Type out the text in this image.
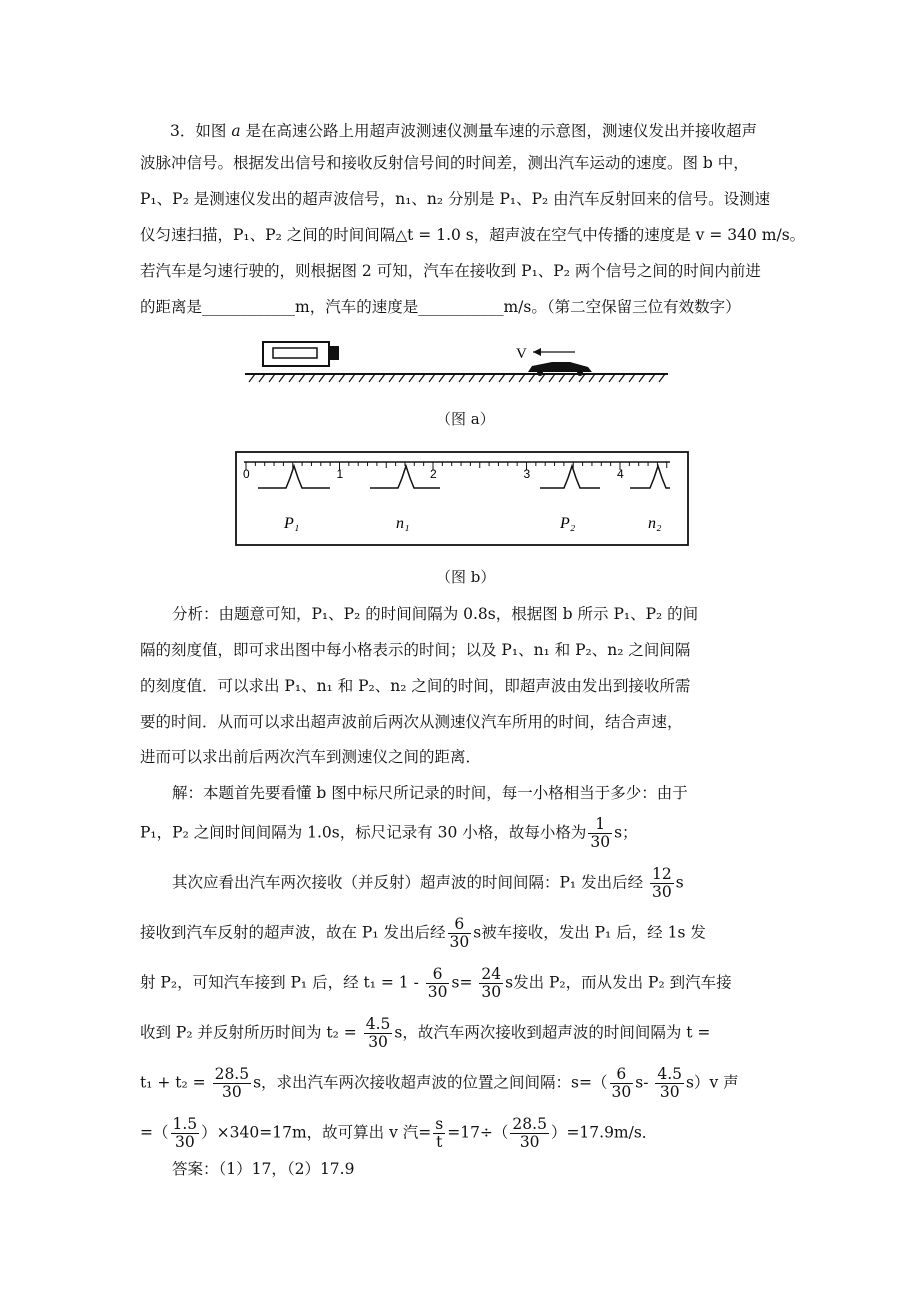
3．如图 a 是在高速公路上用超声波测速仪测量车速的示意图，测速仪发出并接收超声
波脉冲信号。根据发出信号和接收反射信号间的时间差，测出汽车运动的速度。图 b 中，
P₁、P₂ 是测速仪发出的超声波信号，n₁、n₂ 分别是 P₁、P₂ 由汽车反射回来的信号。设测速
仪匀速扫描，P₁、P₂ 之间的时间间隔△t = 1.0 s，超声波在空气中传播的速度是 v = 340 m/s。
若汽车是匀速行驶的，则根据图 2 可知，汽车在接收到 P₁、P₂ 两个信号之间的时间内前进
的距离是____________m，汽车的速度是___________m/s。（第二空保留三位有效数字）
V
0	1	2	3	4
P₁	n₁	P₂	n₂
（图 a）
（图 b）
分析：由题意可知，P₁、P₂ 的时间间隔为 0.8s，根据图 b 所示 P₁、P₂ 的间
隔的刻度值，即可求出图中每小格表示的时间；以及 P₁、n₁ 和 P₂、n₂ 之间间隔
的刻度值．可以求出 P₁、n₁ 和 P₂、n₂ 之间的时间，即超声波由发出到接收所需
要的时间．从而可以求出超声波前后两次从测速仪汽车所用的时间，结合声速，
进而可以求出前后两次汽车到测速仪之间的距离．
解：本题首先要看懂 b 图中标尺所记录的时间，每一小格相当于多少：由于
P₁，P₂ 之间时间间隔为 1.0s，标尺记录有 30 小格，故每小格为 $\frac{1}{30}$ s；
其次应看出汽车两次接收（并反射）超声波的时间间隔：P₁ 发出后经 $\frac{12}{30}$ s
接收到汽车反射的超声波，故在 P₁ 发出后经 $\frac{6}{30}$ s被车接收，发出 P₁ 后，经 1s 发
射 P₂，可知汽车接到 P₁ 后，经 $t_1 = 1 - \frac{6}{30} s= \frac{24}{30}$ s发出 P₂，而从发出 P₂ 到汽车接
收到 P₂ 并反射所历时间为 $t_2 = \frac{4.5}{30}$ s，故汽车两次接收到超声波的时间间隔为 t =
$t_1 + t_2 = \frac{28.5}{30}$ s，求出汽车两次接收超声波的位置之间间隔：$s=( \frac{6}{30} s- \frac{4.5}{30} s)v$ 声
=（ $\frac{1.5}{30} )\times 340=17m$，故可算出 v 汽= $\frac{s}{t} =17\div( \frac{28.5}{30} )=17.9m/s$．
答案：（1）17，（2）17.9
